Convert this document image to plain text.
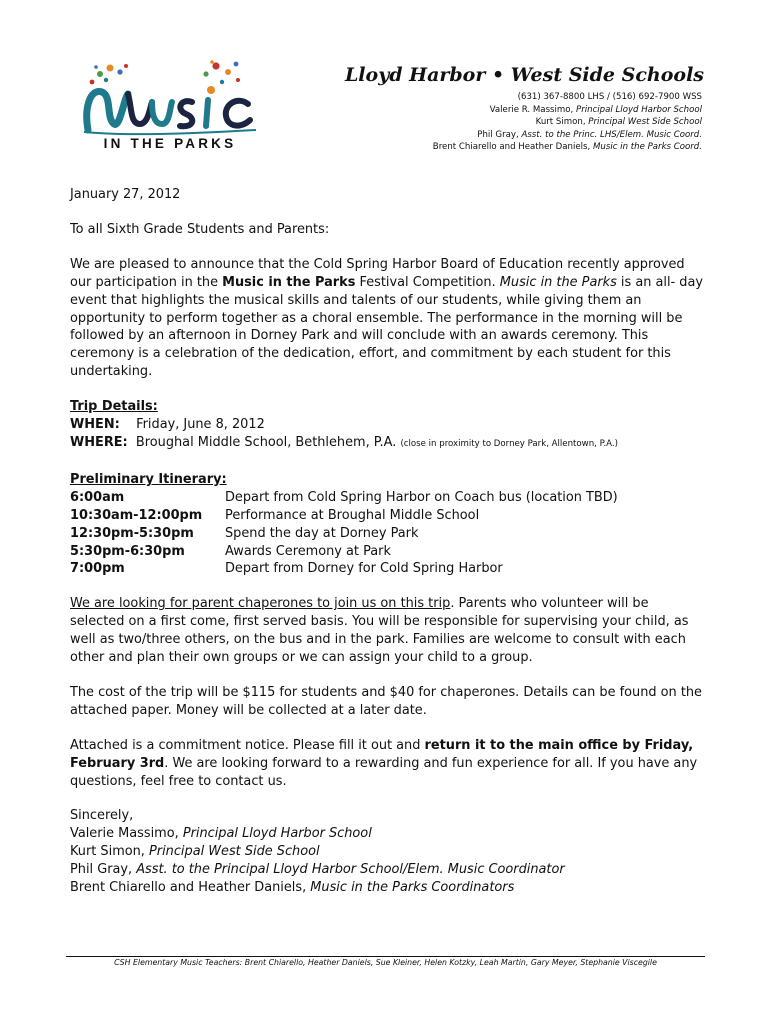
IN THE PARKS
Lloyd Harbor • West Side Schools
(631) 367-8800 LHS / (516) 692-7900 WSS
Valerie R. Massimo, Principal Lloyd Harbor School
Kurt Simon, Principal West Side School
Phil Gray, Asst. to the Princ. LHS/Elem. Music Coord.
Brent Chiarello and Heather Daniels, Music in the Parks Coord.

January 27, 2012

To all Sixth Grade Students and Parents:

We are pleased to announce that the Cold Spring Harbor Board of Education recently approved our participation in the Music in the Parks Festival Competition. Music in the Parks is an all- day event that highlights the musical skills and talents of our students, while giving them an opportunity to perform together as a choral ensemble. The performance in the morning will be followed by an afternoon in Dorney Park and will conclude with an awards ceremony. This ceremony is a celebration of the dedication, effort, and commitment by each student for this undertaking.

Trip Details:

WHEN: Friday, June 8, 2012

WHERE: Broughal Middle School, Bethlehem, P.A. (close in proximity to Dorney Park, Allentown, P.A.)

Preliminary Itinerary:

6:00am	Depart from Cold Spring Harbor on Coach bus (location TBD)
10:30am-12:00pm	Performance at Broughal Middle School
12:30pm-5:30pm	Spend the day at Dorney Park
5:30pm-6:30pm	Awards Ceremony at Park
7:00pm	Depart from Dorney for Cold Spring Harbor

We are looking for parent chaperones to join us on this trip. Parents who volunteer will be selected on a first come, first served basis. You will be responsible for supervising your child, as well as two/three others, on the bus and in the park. Families are welcome to consult with each other and plan their own groups or we can assign your child to a group.

The cost of the trip will be $115 for students and $40 for chaperones. Details can be found on the attached paper. Money will be collected at a later date.

Attached is a commitment notice. Please fill it out and return it to the main office by Friday, February 3rd. We are looking forward to a rewarding and fun experience for all. If you have any questions, feel free to contact us.

Sincerely,

Valerie Massimo, Principal Lloyd Harbor School
Kurt Simon, Principal West Side School
Phil Gray, Asst. to the Principal Lloyd Harbor School/Elem. Music Coordinator
Brent Chiarello and Heather Daniels, Music in the Parks Coordinators
CSH Elementary Music Teachers: Brent Chiarello, Heather Daniels, Sue Kleiner, Helen Kotzky, Leah Martin, Gary Meyer, Stephanie Viscegile
